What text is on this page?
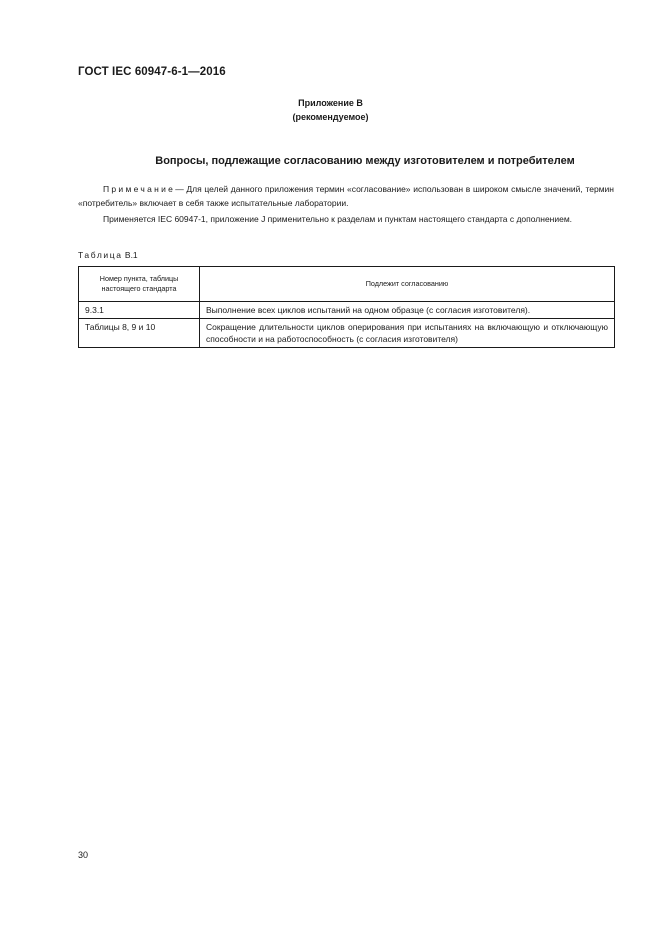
ГОСТ IEC 60947-6-1—2016
Приложение В
(рекомендуемое)
Вопросы, подлежащие согласованию между изготовителем и потребителем
Примечание— Для целей данного приложения термин «согласование» использован в широком смысле значений, термин «потребитель» включает в себя также испытательные лаборатории.
Применяется IEC 60947-1, приложение J применительно к разделам и пунктам настоящего стандарта с дополнением.
Таблица В.1
Номер пункта, таблицы настоящего стандарта	Подлежит согласованию
9.3.1	Выполнение всех циклов испытаний на одном образце (с согласия изготовителя).
Таблицы 8, 9 и 10	Сокращение длительности циклов оперирования при испытаниях на включающую и отключающую способности и на работоспособность (с согласия изготовителя)
30
